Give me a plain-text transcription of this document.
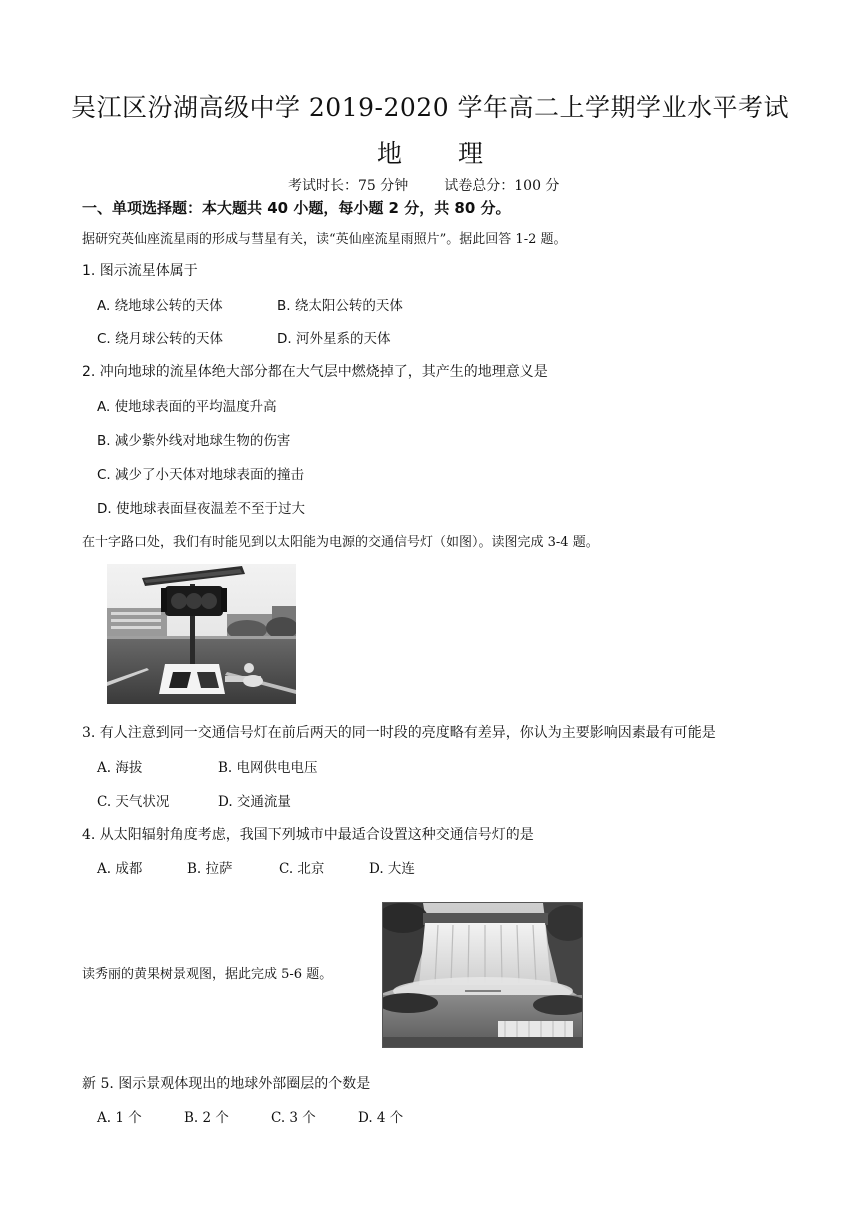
吴江区汾湖高级中学 2019-2020 学年高二上学期学业水平考试
地 理
考试时长：75 分钟	试卷总分：100 分
一、单项选择题：本大题共 40 小题，每小题 2 分，共 80 分。
据研究英仙座流星雨的形成与彗星有关，读“英仙座流星雨照片”。据此回答 1-2 题。
1. 图示流星体属于
A. 绕地球公转的天体	B. 绕太阳公转的天体
C. 绕月球公转的天体	D. 河外星系的天体
2. 冲向地球的流星体绝大部分都在大气层中燃烧掉了，其产生的地理意义是
A. 使地球表面的平均温度升高
B. 减少紫外线对地球生物的伤害
C. 减少了小天体对地球表面的撞击
D. 使地球表面昼夜温差不至于过大
在十字路口处，我们有时能见到以太阳能为电源的交通信号灯（如图）。读图完成 3-4 题。
3. 有人注意到同一交通信号灯在前后两天的同一时段的亮度略有差异，你认为主要影响因素最有可能是
A. 海拔	B. 电网供电电压
C. 天气状况	D. 交通流量
4. 从太阳辐射角度考虑，我国下列城市中最适合设置这种交通信号灯的是
A. 成都	B. 拉萨	C. 北京	D. 大连
读秀丽的黄果树景观图，据此完成 5-6 题。
新 5. 图示景观体现出的地球外部圈层的个数是
A. 1 个	B. 2 个	C. 3 个	D. 4 个
